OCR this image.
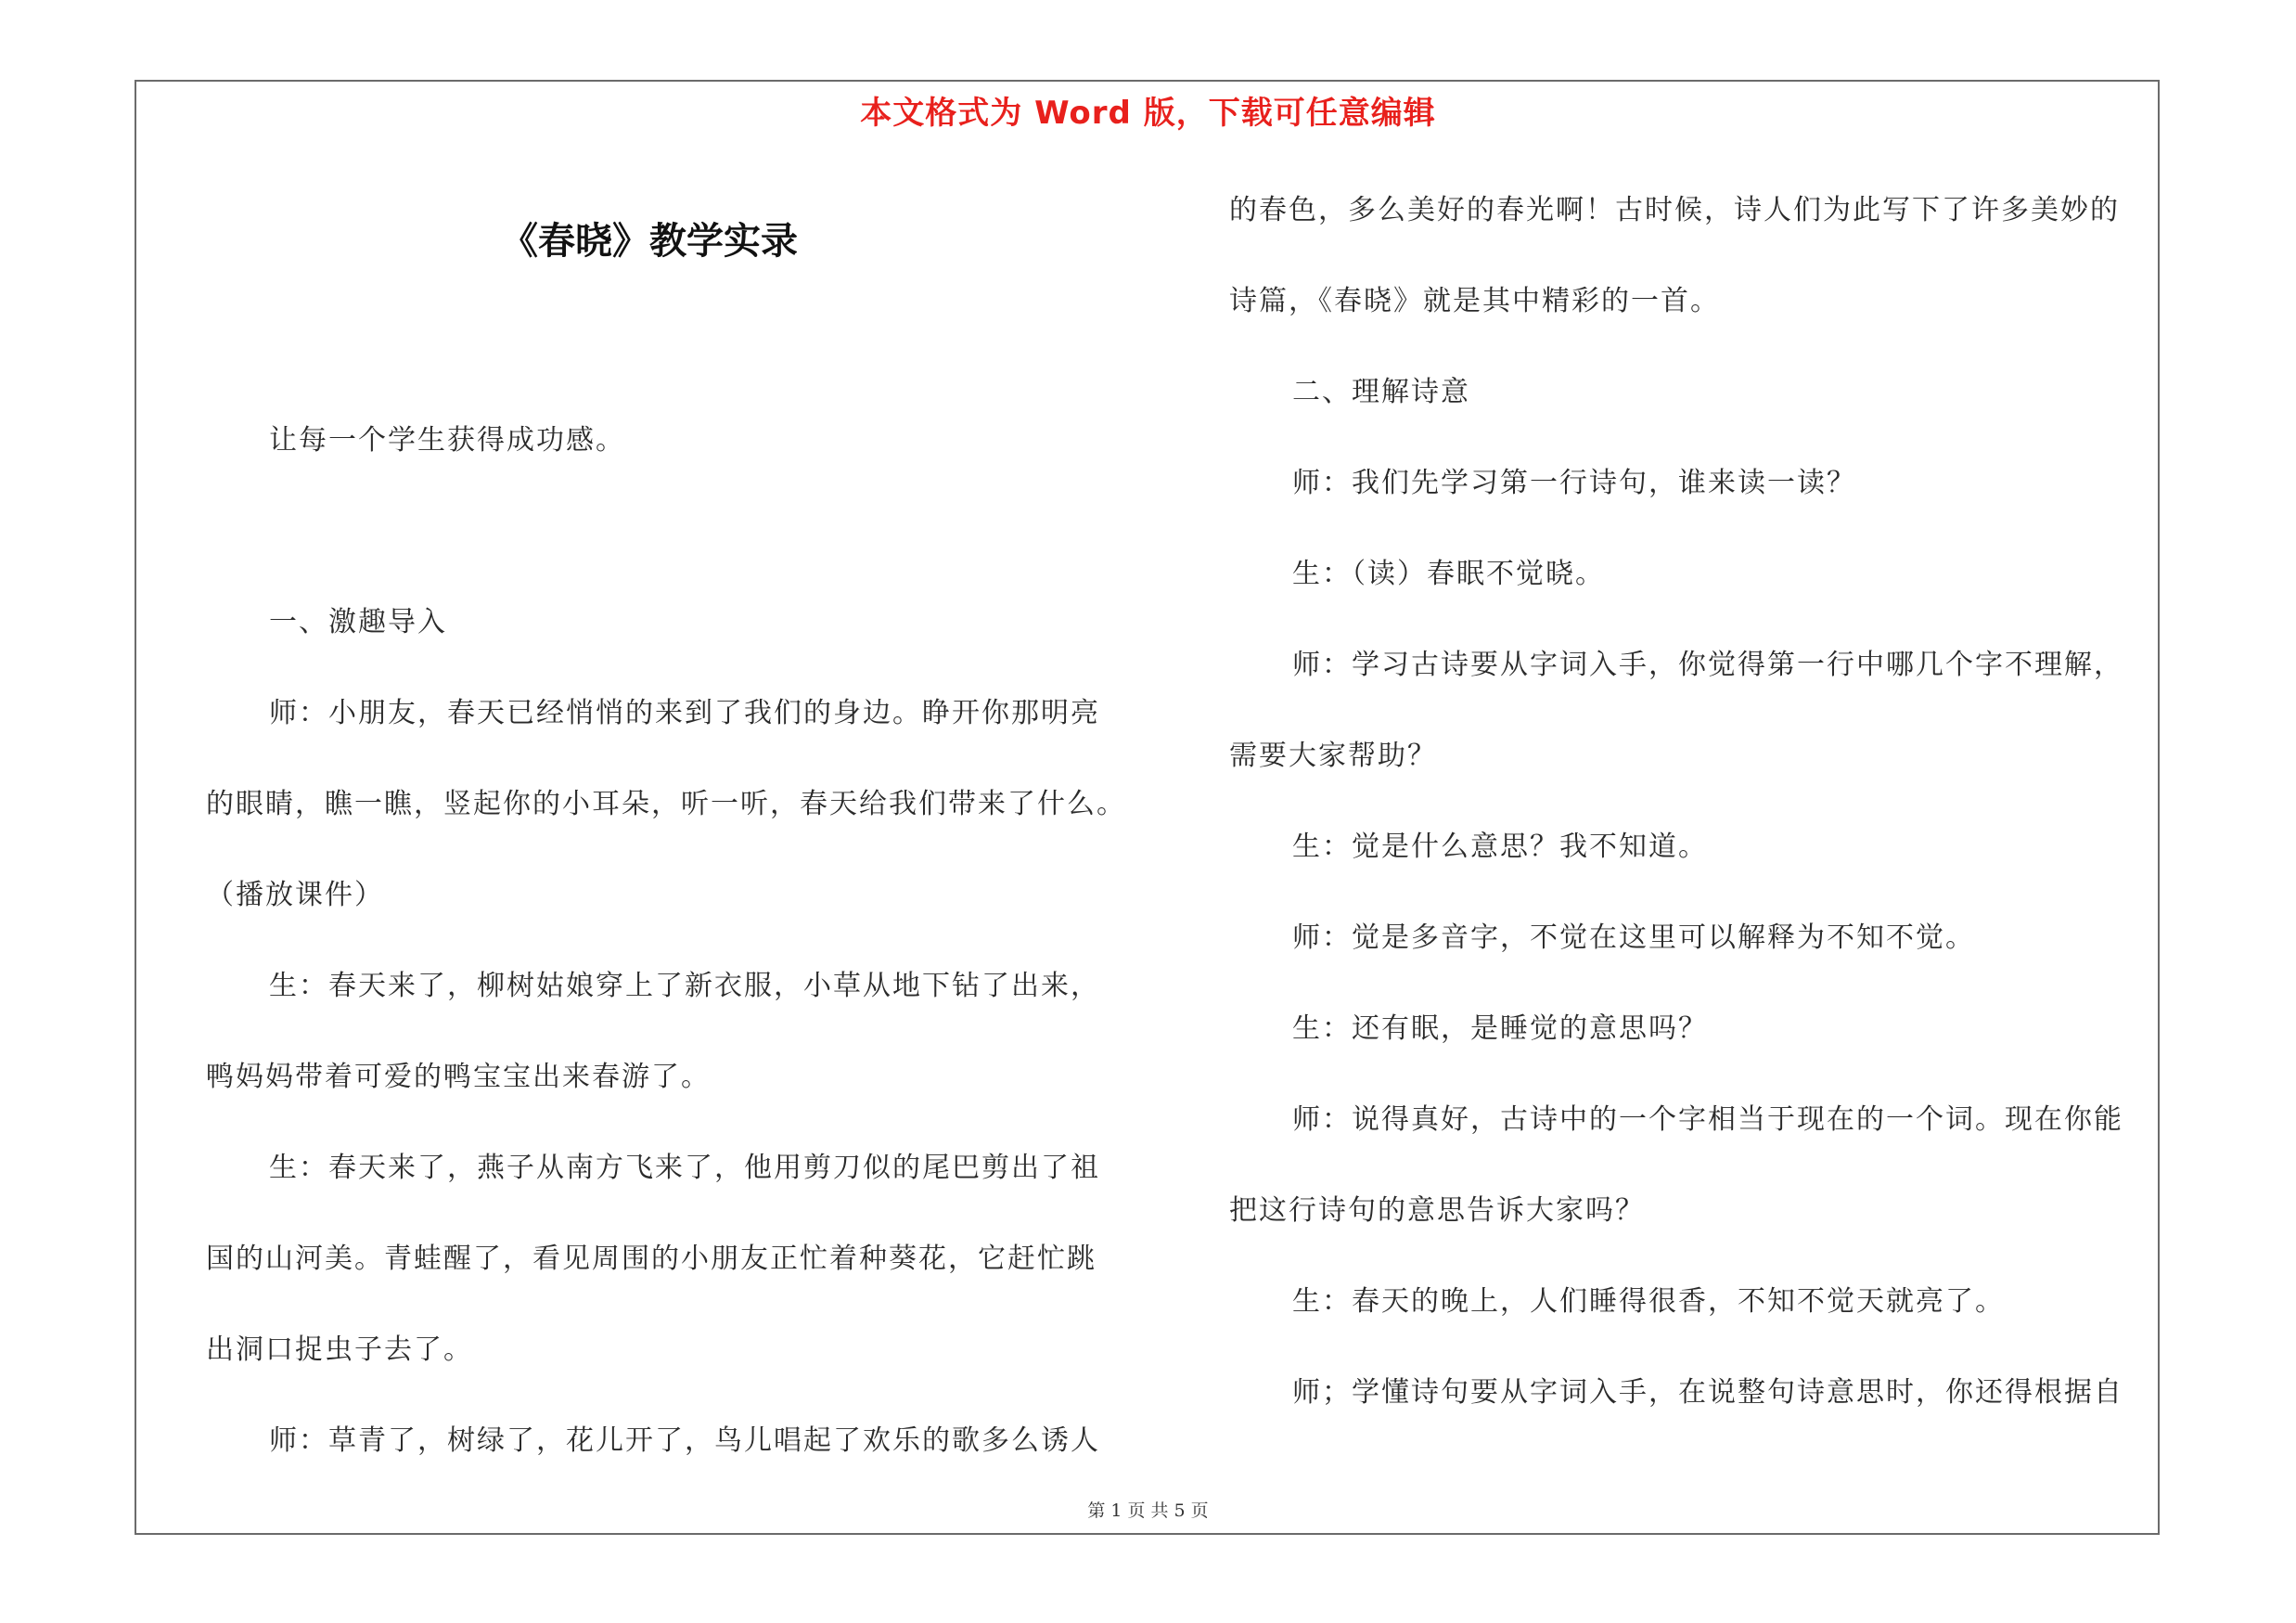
本文格式为 Word 版，下载可任意编辑
《春晓》教学实录
让每一个学生获得成功感。
一、激趣导入
师：小朋友，春天已经悄悄的来到了我们的身边。睁开你那明亮
的眼睛，瞧一瞧，竖起你的小耳朵，听一听，春天给我们带来了什么。
（播放课件）
生：春天来了，柳树姑娘穿上了新衣服，小草从地下钻了出来，
鸭妈妈带着可爱的鸭宝宝出来春游了。
生：春天来了，燕子从南方飞来了，他用剪刀似的尾巴剪出了祖
国的山河美。青蛙醒了，看见周围的小朋友正忙着种葵花，它赶忙跳
出洞口捉虫子去了。
师：草青了，树绿了，花儿开了，鸟儿唱起了欢乐的歌多么诱人
的春色，多么美好的春光啊！古时候，诗人们为此写下了许多美妙的
诗篇，《春晓》就是其中精彩的一首。
二、理解诗意
师：我们先学习第一行诗句，谁来读一读？
生：（读）春眠不觉晓。
师：学习古诗要从字词入手，你觉得第一行中哪几个字不理解，
需要大家帮助？
生：觉是什么意思？我不知道。
师：觉是多音字，不觉在这里可以解释为不知不觉。
生：还有眠，是睡觉的意思吗？
师：说得真好，古诗中的一个字相当于现在的一个词。现在你能
把这行诗句的意思告诉大家吗？
生：春天的晚上，人们睡得很香，不知不觉天就亮了。
师；学懂诗句要从字词入手，在说整句诗意思时，你还得根据自
第 1 页 共 5 页
